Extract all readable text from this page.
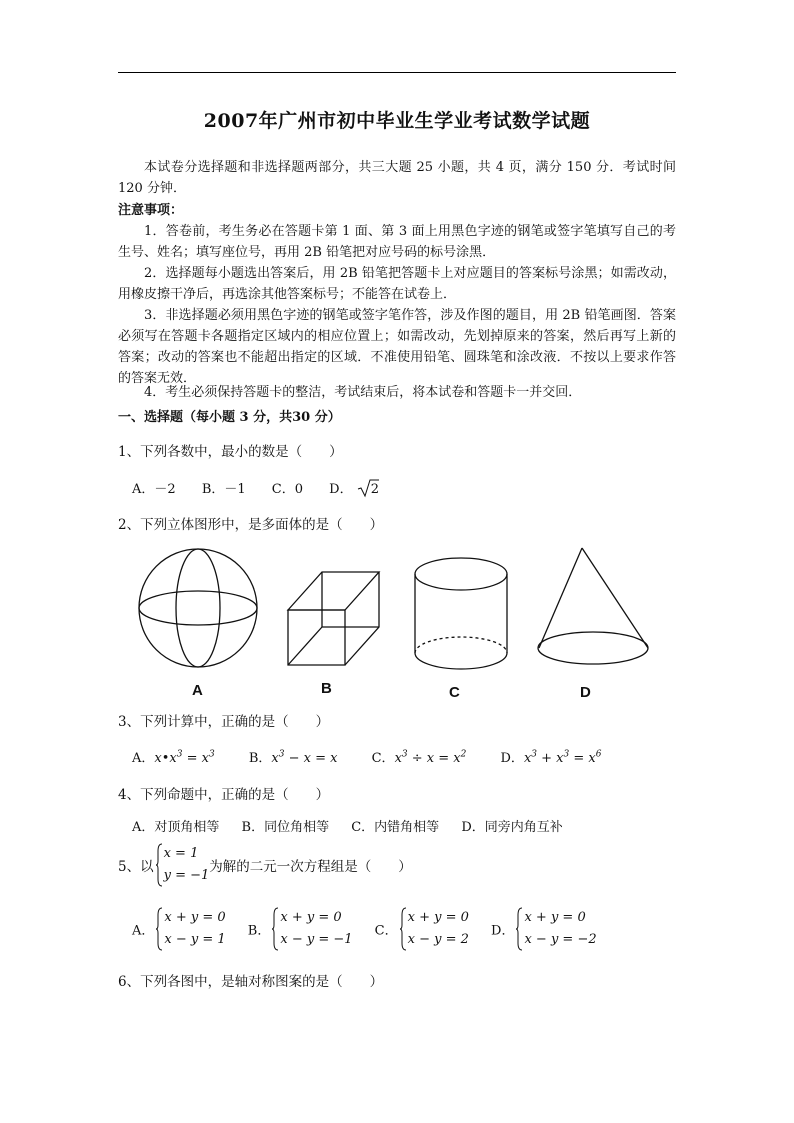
2007年广州市初中毕业生学业考试数学试题
本试卷分选择题和非选择题两部分，共三大题 25 小题，共 4 页，满分 150 分．考试时间 120 分钟．
注意事项：
1．答卷前，考生务必在答题卡第 1 面、第 3 面上用黑色字迹的钢笔或签字笔填写自己的考生号、姓名；填写座位号，再用 2B 铅笔把对应号码的标号涂黑．
2．选择题每小题选出答案后，用 2B 铅笔把答题卡上对应题目的答案标号涂黑；如需改动，用橡皮擦干净后，再选涂其他答案标号；不能答在试卷上．
3．非选择题必须用黑色字迹的钢笔或签字笔作答，涉及作图的题目，用 2B 铅笔画图．答案必须写在答题卡各题指定区域内的相应位置上；如需改动，先划掉原来的答案，然后再写上新的答案；改动的答案也不能超出指定的区域．不准使用铅笔、圆珠笔和涂改液．不按以上要求作答的答案无效．
4．考生必须保持答题卡的整洁，考试结束后，将本试卷和答题卡一并交回．
一、选择题（每小题 3 分，共30 分）
1、下列各数中，最小的数是（　　）
A．－2 B．－1 C．0 D． 2
2、下列立体图形中，是多面体的是（　　）
A	B	C	D
3、下列计算中，正确的是（　　）
A．$x•x^3 = x^3$	B．$x^3 - x = x$	C．$x^3 \div x = x^2$	D．$x^3 + x^3 = x^6$
4、下列命题中，正确的是（　　）
A．对顶角相等 B．同位角相等 C．内错角相等 D．同旁内角互补
5、以
x = 1
y = −1
为解的二元一次方程组是（　　）
A．
x + y = 0
x − y = 1
B．
x + y = 0
x − y = −1
C．
x + y = 0
x − y = 2
D．
x + y = 0
x − y = −2
6、下列各图中，是轴对称图案的是（　　）
